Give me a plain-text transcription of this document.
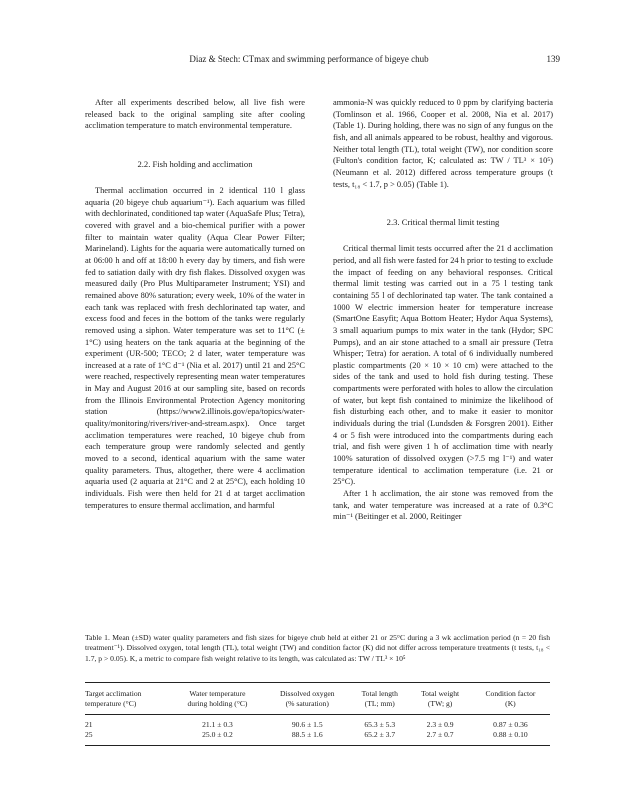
Diaz & Stech: CTmax and swimming performance of bigeye chub	139

After all experiments described below, all live fish were released back to the original sampling site after cooling acclimation temperature to match environmental temperature.

2.2. Fish holding and acclimation

Thermal acclimation occurred in 2 identical 110 l glass aquaria (20 bigeye chub aquarium⁻¹). Each aquarium was filled with dechlorinated, conditioned tap water (AquaSafe Plus; Tetra), covered with gravel and a bio-chemical purifier with a power filter to maintain water quality (Aqua Clear Power Filter; Marineland). Lights for the aquaria were automatically turned on at 06:00 h and off at 18:00 h every day by timers, and fish were fed to satiation daily with dry fish flakes. Dissolved oxygen was measured daily (Pro Plus Multiparameter Instrument; YSI) and remained above 80% saturation; every week, 10% of the water in each tank was replaced with fresh dechlorinated tap water, and excess food and feces in the bottom of the tanks were regularly removed using a siphon. Water temperature was set to 11°C (± 1°C) using heaters on the tank aquaria at the beginning of the experiment (UR-500; TECO; 2 d later, water temperature was increased at a rate of 1°C d⁻¹ (Nia et al. 2017) until 21 and 25°C were reached, respectively representing mean water temperatures in May and August 2016 at our sampling site, based on records from the Illinois Environmental Protection Agency monitoring station (https://www2.illinois.gov/epa/topics/water-quality/monitoring/rivers/river-and-stream.aspx). Once target acclimation temperatures were reached, 10 bigeye chub from each temperature group were randomly selected and gently moved to a second, identical aquarium with the same water quality parameters. Thus, altogether, there were 4 acclimation aquaria used (2 aquaria at 21°C and 2 at 25°C), each holding 10 individuals. Fish were then held for 21 d at target acclimation temperatures to ensure thermal acclimation, and harmful

ammonia-N was quickly reduced to 0 ppm by clarifying bacteria (Tomlinson et al. 1966, Cooper et al. 2008, Nia et al. 2017) (Table 1). During holding, there was no sign of any fungus on the fish, and all animals appeared to be robust, healthy and vigorous. Neither total length (TL), total weight (TW), nor condition score (Fulton's condition factor, K; calculated as: TW / TL³ × 10⁵) (Neumann et al. 2012) differed across temperature groups (t tests, t₁₈ < 1.7, p > 0.05) (Table 1).

2.3. Critical thermal limit testing

Critical thermal limit tests occurred after the 21 d acclimation period, and all fish were fasted for 24 h prior to testing to exclude the impact of feeding on any behavioral responses. Critical thermal limit testing was carried out in a 75 l testing tank containing 55 l of dechlorinated tap water. The tank contained a 1000 W electric immersion heater for temperature increase (SmartOne Easyfit; Aqua Bottom Heater; Hydor Aqua Systems), 3 small aquarium pumps to mix water in the tank (Hydor; SPC Pumps), and an air stone attached to a small air pressure (Tetra Whisper; Tetra) for aeration. A total of 6 individually numbered plastic compartments (20 × 10 × 10 cm) were attached to the sides of the tank and used to hold fish during testing. These compartments were perforated with holes to allow the circulation of water, but kept fish contained to minimize the likelihood of fish disturbing each other, and to make it easier to monitor individuals during the trial (Lundsden & Forsgren 2001). Either 4 or 5 fish were introduced into the compartments during each trial, and fish were given 1 h of acclimation time with nearly 100% saturation of dissolved oxygen (>7.5 mg l⁻¹) and water temperature identical to acclimation temperature (i.e. 21 or 25°C).

After 1 h acclimation, the air stone was removed from the tank, and water temperature was increased at a rate of 0.3°C min⁻¹ (Beitinger et al. 2000, Reitinger

Table 1. Mean (±SD) water quality parameters and fish sizes for bigeye chub held at either 21 or 25°C during a 3 wk acclimation period (n = 20 fish treatment⁻¹). Dissolved oxygen, total length (TL), total weight (TW) and condition factor (K) did not differ across temperature treatments (t tests, t₁₈ < 1.7, p > 0.05). K, a metric to compare fish weight relative to its length, was calculated as: TW / TL³ × 10⁵
Target acclimation	Water temperature	Dissolved oxygen	Total length	Total weight	Condition factor
temperature (°C)	during holding (°C)	(% saturation)	(TL; mm)	(TW; g)	(K)
21	21.1 ± 0.3	90.6 ± 1.5	65.3 ± 5.3	2.3 ± 0.9	0.87 ± 0.36
25	25.0 ± 0.2	88.5 ± 1.6	65.2 ± 3.7	2.7 ± 0.7	0.88 ± 0.10
